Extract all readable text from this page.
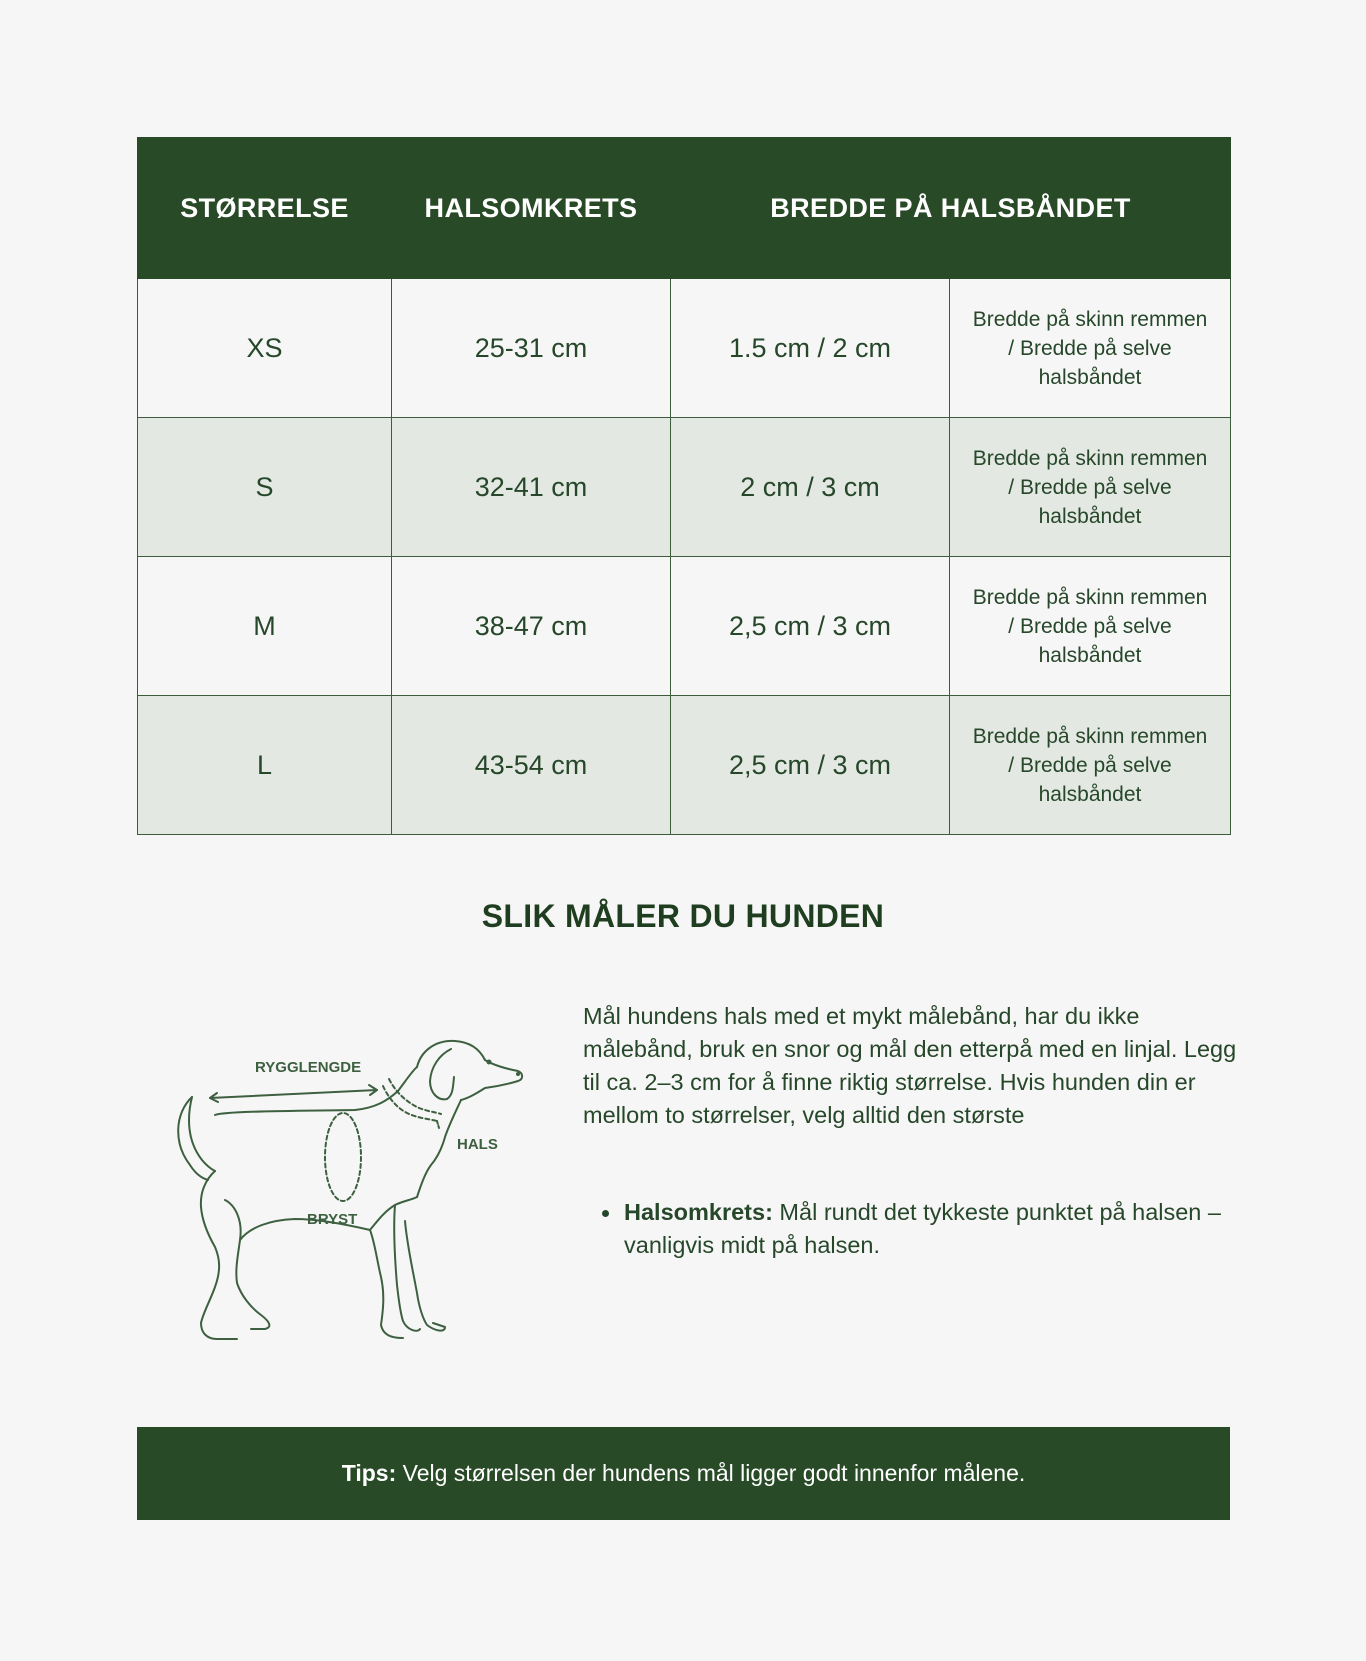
STØRRELSE	HALSOMKRETS	BREDDE PÅ HALSBÅNDET	
XS	25-31 cm	1.5 cm / 2 cm	Bredde på skinn remmen / Bredde på selve halsbåndet
S	32-41 cm	2 cm / 3 cm	Bredde på skinn remmen / Bredde på selve halsbåndet
M	38-47 cm	2,5 cm / 3 cm	Bredde på skinn remmen / Bredde på selve halsbåndet
L	43-54 cm	2,5 cm / 3 cm	Bredde på skinn remmen / Bredde på selve halsbåndet
SLIK MÅLER DU HUNDEN
RYGGLENGDE
HALS
BRYST

Mål hundens hals med et mykt målebånd, har du ikke målebånd, bruk en snor og mål den etterpå med en linjal. Legg til ca. 2–3 cm for å finne riktig størrelse. Hvis hunden din er mellom to størrelser, velg alltid den største

Halsomkrets: Mål rundt det tykkeste punktet på halsen – vanligvis midt på halsen.
Tips: Velg størrelsen der hundens mål ligger godt innenfor målene.
